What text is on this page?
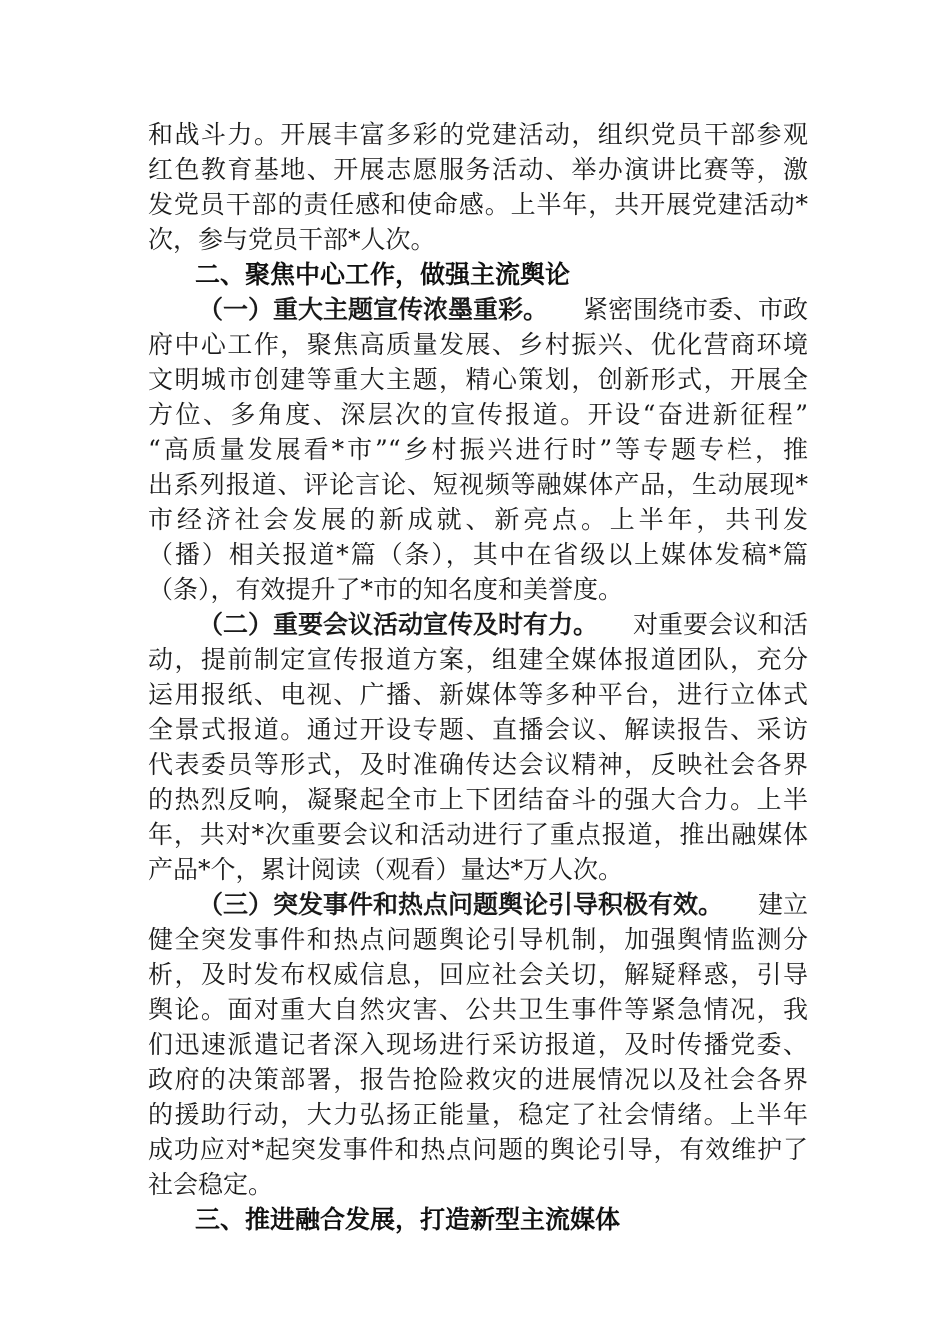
和战斗力。开展丰富多彩的党建活动，组织党员干部参观
红色教育基地、开展志愿服务活动、举办演讲比赛等，激
发党员干部的责任感和使命感。上半年，共开展党建活动*
次，参与党员干部*人次。
二、聚焦中心工作，做强主流舆论
（一）重大主题宣传浓墨重彩。 紧密围绕市委、市政
府中心工作，聚焦高质量发展、乡村振兴、优化营商环境
文明城市创建等重大主题，精心策划，创新形式，开展全
方位、多角度、深层次的宣传报道。开设“奋进新征程”
“高质量发展看*市”“乡村振兴进行时”等专题专栏，推
出系列报道、评论言论、短视频等融媒体产品，生动展现*
市经济社会发展的新成就、新亮点。上半年，共刊发
（播）相关报道*篇（条），其中在省级以上媒体发稿*篇
（条），有效提升了*市的知名度和美誉度。
（二）重要会议活动宣传及时有力。 对重要会议和活
动，提前制定宣传报道方案，组建全媒体报道团队，充分
运用报纸、电视、广播、新媒体等多种平台，进行立体式
全景式报道。通过开设专题、直播会议、解读报告、采访
代表委员等形式，及时准确传达会议精神，反映社会各界
的热烈反响，凝聚起全市上下团结奋斗的强大合力。上半
年，共对*次重要会议和活动进行了重点报道，推出融媒体
产品*个，累计阅读（观看）量达*万人次。
（三）突发事件和热点问题舆论引导积极有效。 建立
健全突发事件和热点问题舆论引导机制，加强舆情监测分
析，及时发布权威信息，回应社会关切，解疑释惑，引导
舆论。面对重大自然灾害、公共卫生事件等紧急情况，我
们迅速派遣记者深入现场进行采访报道，及时传播党委、
政府的决策部署，报告抢险救灾的进展情况以及社会各界
的援助行动，大力弘扬正能量，稳定了社会情绪。上半年
成功应对*起突发事件和热点问题的舆论引导，有效维护了
社会稳定。
三、推进融合发展，打造新型主流媒体
